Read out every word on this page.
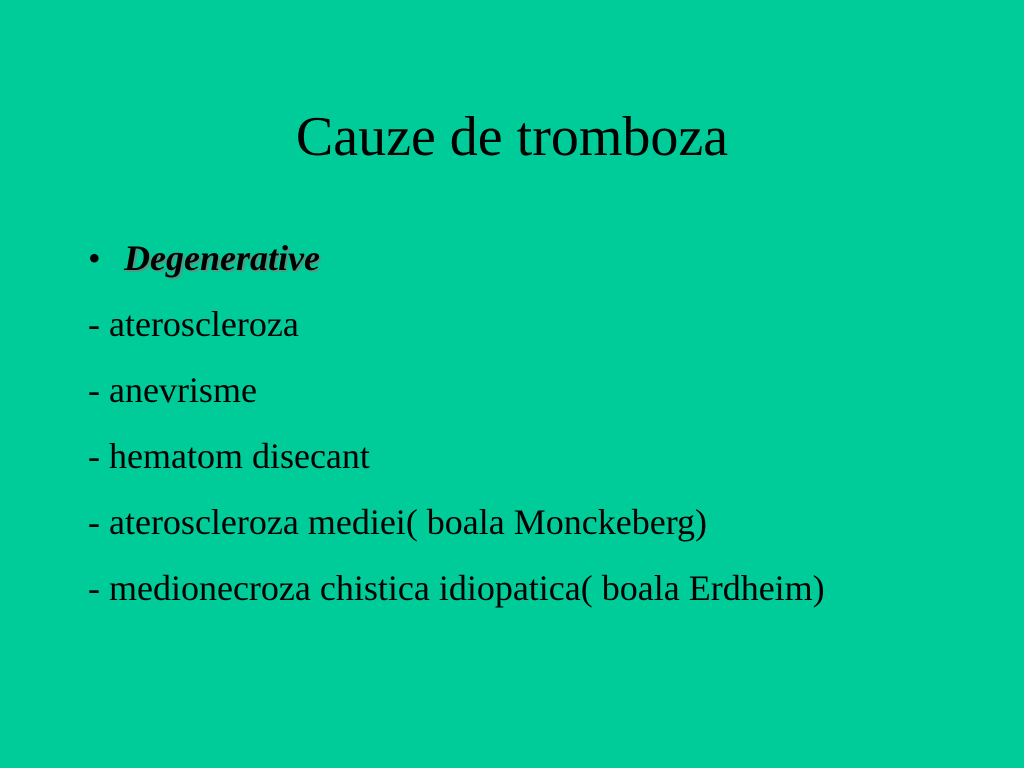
Cauze de tromboza
• Degenerative
- ateroscleroza
- anevrisme
- hematom disecant
- ateroscleroza mediei( boala Monckeberg)
- medionecroza chistica idiopatica( boala Erdheim)
